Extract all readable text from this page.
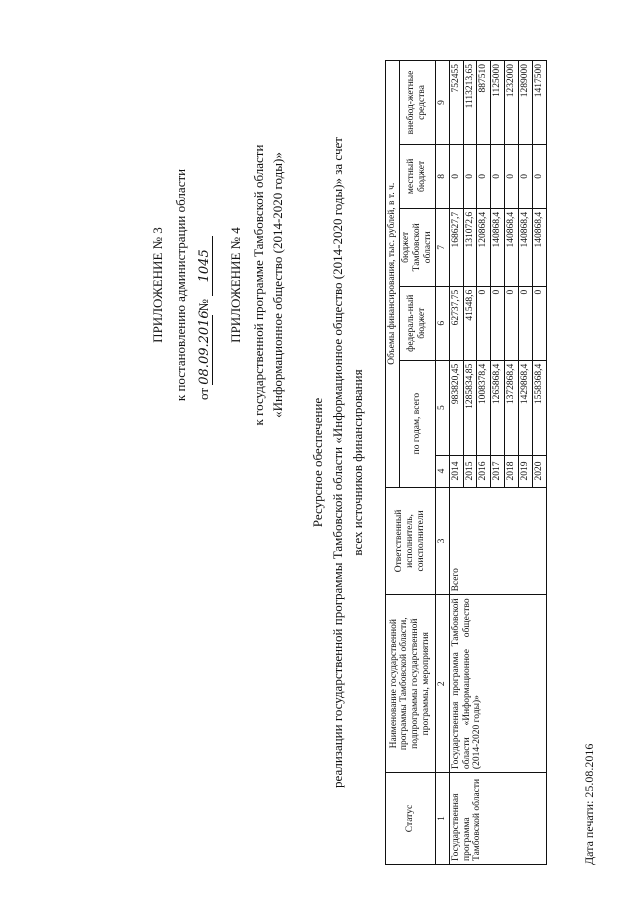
ПРИЛОЖЕНИЕ № 3 к постановлению администрации области от 08.09.2016 № 1045 ПРИЛОЖЕНИЕ № 4 к государственной программе Тамбовской области «Информационное общество (2014-2020 годы)»
Ресурсное обеспечение реализации государственной программы Тамбовской области «Информационное общество (2014-2020 годы)» за счет всех источников финансирования
Статус	Наименование государственной программы Тамбовской области, подпрограммы государственной программы, мероприятия	Ответственный исполнитель, соисполнители	Объемы финансирования, тыс. рублей, в т. ч.					
			по годам, всего		федераль-ный бюджет	бюджет Тамбовской области	местный бюджет	внебюд-жетные средства
1	2	3	4	5	6	7	8	9
Государственная программа Тамбовской области	Государственная программа Тамбовской области «Информационное общество (2014-2020 годы)»	Всего	2014	983820,45	62737,75	168627,7	0	752455
			2015	1285834,85	41548,6	131072,6	0	1113213,65
			2016	1008378,4	0	120868,4	0	887510
			2017	1265868,4	0	140868,4	0	1125000
			2018	1372868,4	0	140868,4	0	1232000
			2019	1429868,4	0	140868,4	0	1289000
			2020	1558368,4	0	140868,4	0	1417500
Дата печати: 25.08.2016
